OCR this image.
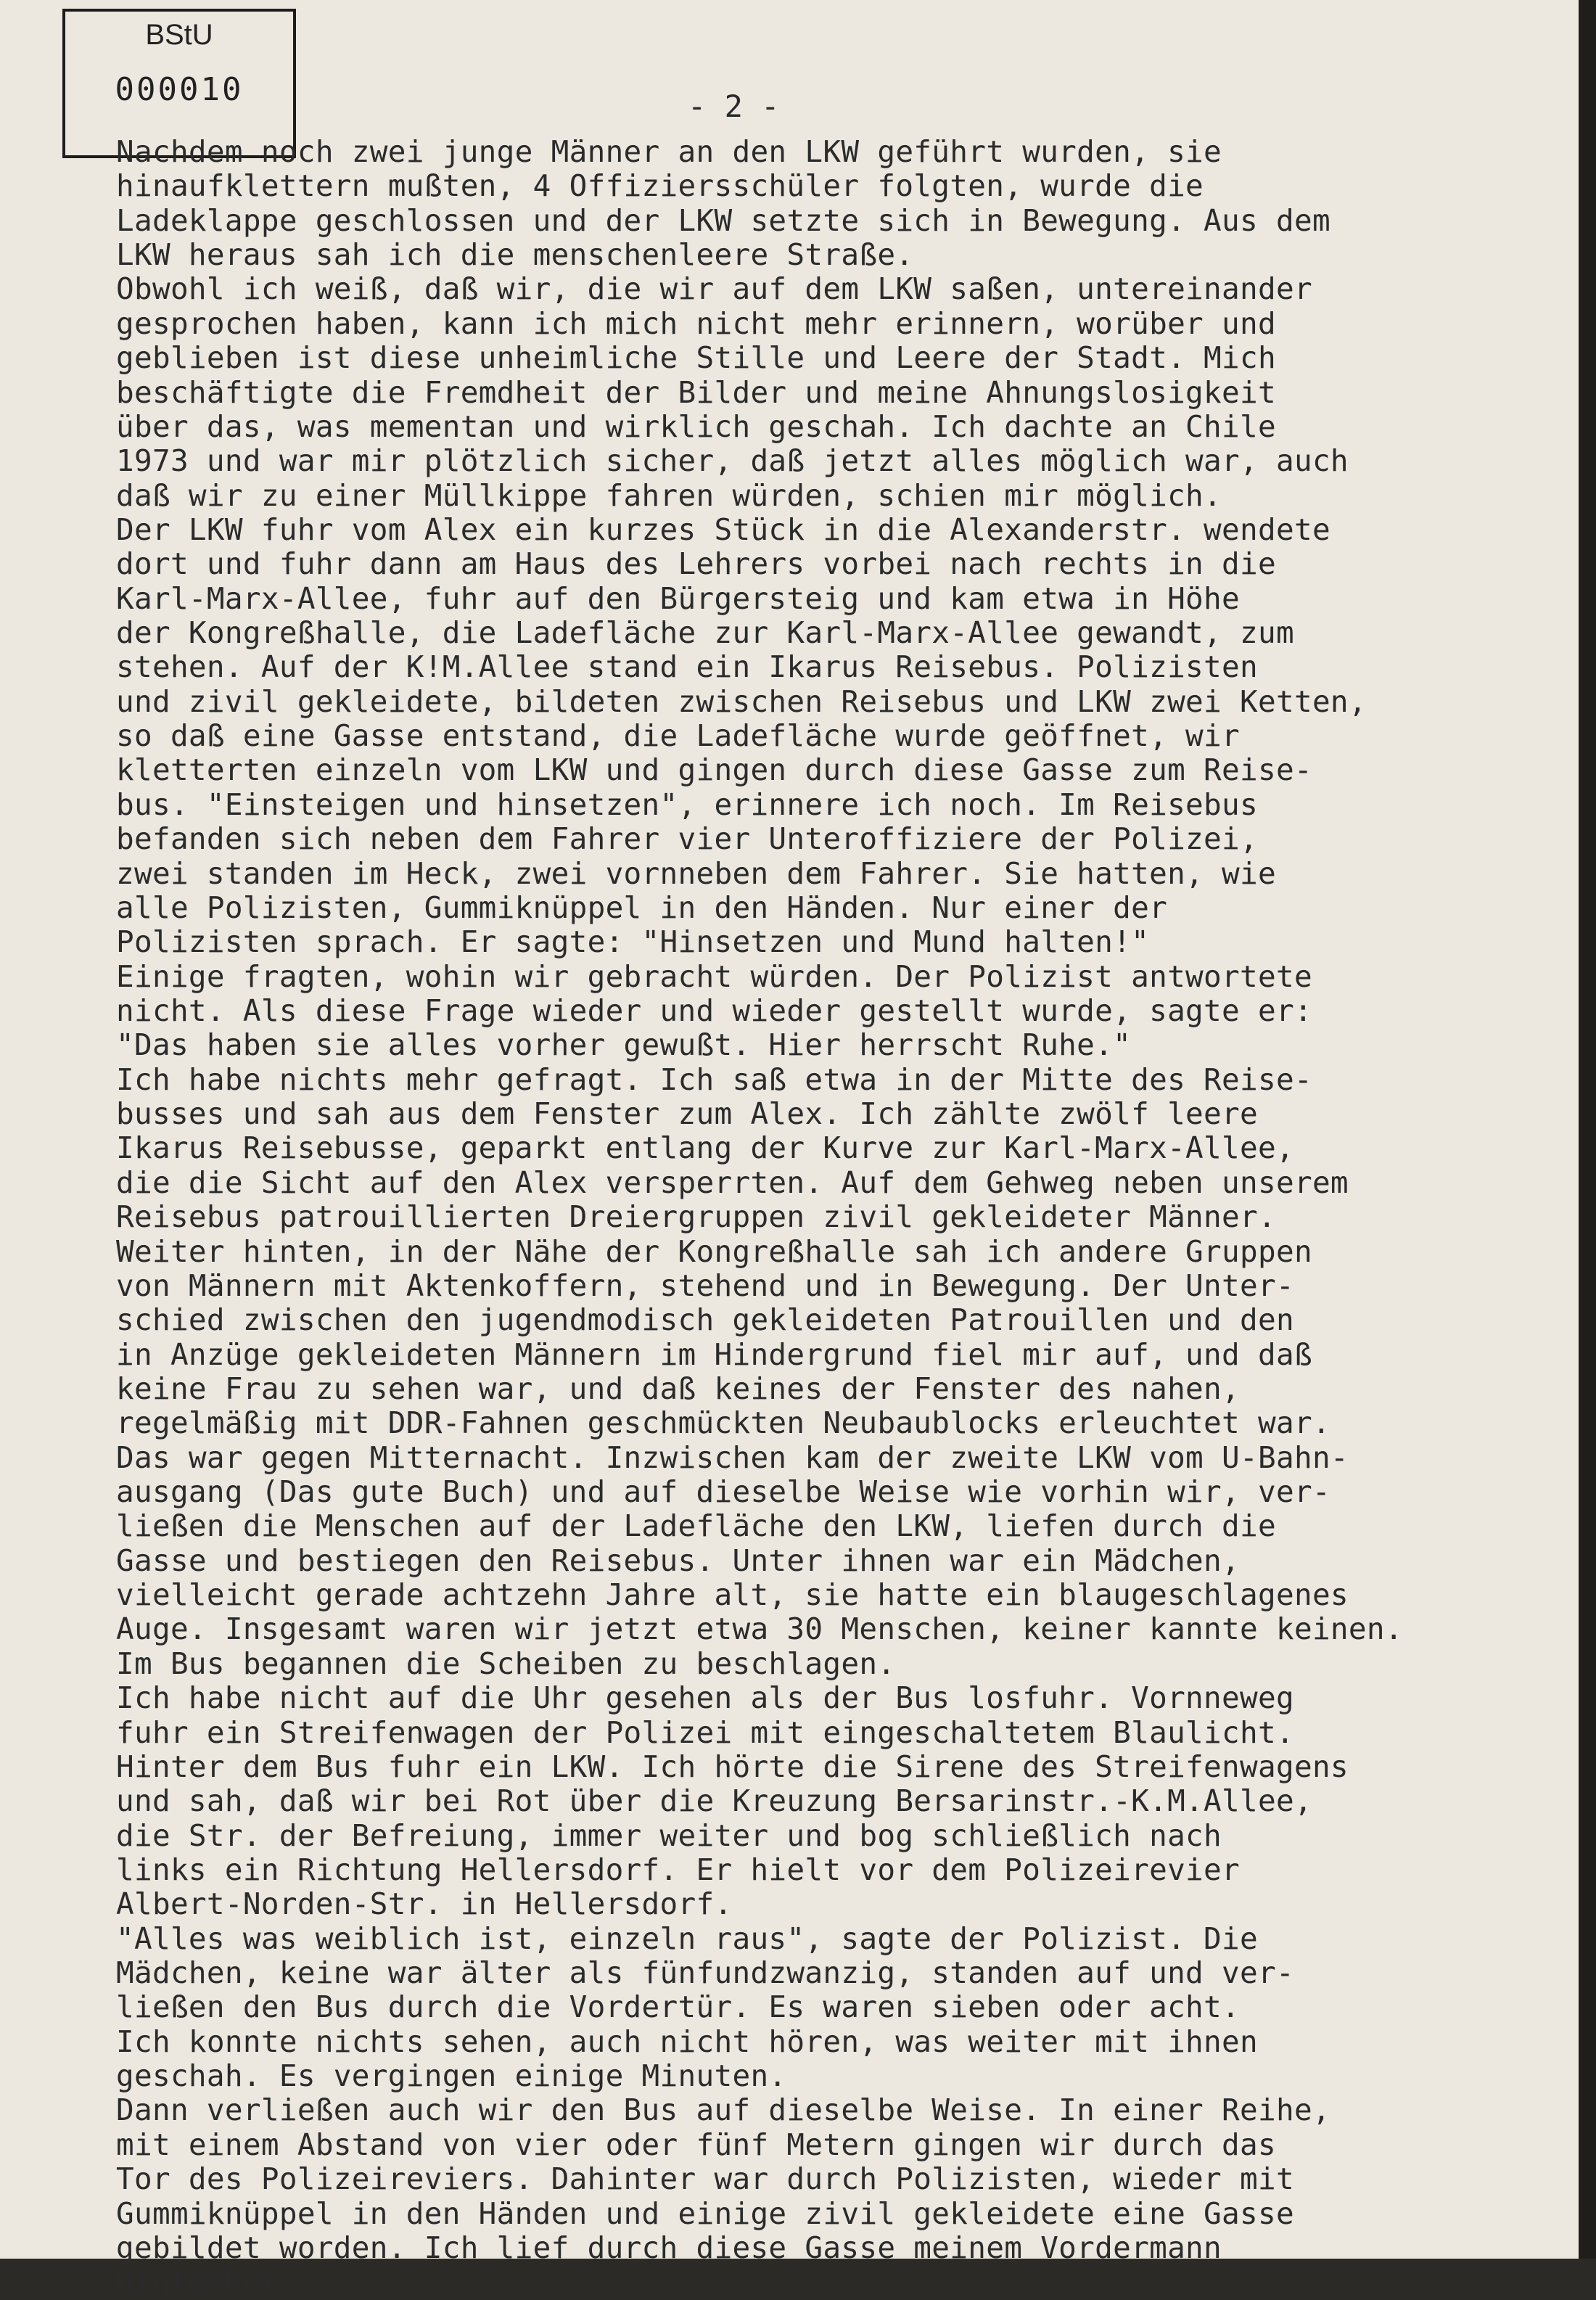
BStU
000010	- 2 -
Nachdem noch zwei junge Männer an den LKW geführt wurden, sie
hinaufklettern mußten, 4 Offiziersschüler folgten, wurde die
Ladeklappe geschlossen und der LKW setzte sich in Bewegung. Aus dem
LKW heraus sah ich die menschenleere Straße.
Obwohl ich weiß, daß wir, die wir auf dem LKW saßen, untereinander
gesprochen haben, kann ich mich nicht mehr erinnern, worüber und
geblieben ist diese unheimliche Stille und Leere der Stadt. Mich
beschäftigte die Fremdheit der Bilder und meine Ahnungslosigkeit
über das, was mementan und wirklich geschah. Ich dachte an Chile
1973 und war mir plötzlich sicher, daß jetzt alles möglich war, auch
daß wir zu einer Müllkippe fahren würden, schien mir möglich.
Der LKW fuhr vom Alex ein kurzes Stück in die Alexanderstr. wendete
dort und fuhr dann am Haus des Lehrers vorbei nach rechts in die
Karl-Marx-Allee, fuhr auf den Bürgersteig und kam etwa in Höhe
der Kongreßhalle, die Ladefläche zur Karl-Marx-Allee gewandt, zum
stehen. Auf der K!M.Allee stand ein Ikarus Reisebus. Polizisten
und zivil gekleidete, bildeten zwischen Reisebus und LKW zwei Ketten,
so daß eine Gasse entstand, die Ladefläche wurde geöffnet, wir
kletterten einzeln vom LKW und gingen durch diese Gasse zum Reise-
bus. "Einsteigen und hinsetzen", erinnere ich noch. Im Reisebus
befanden sich neben dem Fahrer vier Unteroffiziere der Polizei,
zwei standen im Heck, zwei vornneben dem Fahrer. Sie hatten, wie
alle Polizisten, Gummiknüppel in den Händen. Nur einer der
Polizisten sprach. Er sagte: "Hinsetzen und Mund halten!"
Einige fragten, wohin wir gebracht würden. Der Polizist antwortete
nicht. Als diese Frage wieder und wieder gestellt wurde, sagte er:
"Das haben sie alles vorher gewußt. Hier herrscht Ruhe."
Ich habe nichts mehr gefragt. Ich saß etwa in der Mitte des Reise-
busses und sah aus dem Fenster zum Alex. Ich zählte zwölf leere
Ikarus Reisebusse, geparkt entlang der Kurve zur Karl-Marx-Allee,
die die Sicht auf den Alex versperrten. Auf dem Gehweg neben unserem
Reisebus patrouillierten Dreiergruppen zivil gekleideter Männer.
Weiter hinten, in der Nähe der Kongreßhalle sah ich andere Gruppen
von Männern mit Aktenkoffern, stehend und in Bewegung. Der Unter-
schied zwischen den jugendmodisch gekleideten Patrouillen und den
in Anzüge gekleideten Männern im Hindergrund fiel mir auf, und daß
keine Frau zu sehen war, und daß keines der Fenster des nahen,
regelmäßig mit DDR-Fahnen geschmückten Neubaublocks erleuchtet war.
Das war gegen Mitternacht. Inzwischen kam der zweite LKW vom U-Bahn-
ausgang (Das gute Buch) und auf dieselbe Weise wie vorhin wir, ver-
ließen die Menschen auf der Ladefläche den LKW, liefen durch die
Gasse und bestiegen den Reisebus. Unter ihnen war ein Mädchen,
vielleicht gerade achtzehn Jahre alt, sie hatte ein blaugeschlagenes
Auge. Insgesamt waren wir jetzt etwa 30 Menschen, keiner kannte keinen.
Im Bus begannen die Scheiben zu beschlagen.
Ich habe nicht auf die Uhr gesehen als der Bus losfuhr. Vornneweg
fuhr ein Streifenwagen der Polizei mit eingeschaltetem Blaulicht.
Hinter dem Bus fuhr ein LKW. Ich hörte die Sirene des Streifenwagens
und sah, daß wir bei Rot über die Kreuzung Bersarinstr.-K.M.Allee,
die Str. der Befreiung, immer weiter und bog schließlich nach
links ein Richtung Hellersdorf. Er hielt vor dem Polizeirevier
Albert-Norden-Str. in Hellersdorf.
"Alles was weiblich ist, einzeln raus", sagte der Polizist. Die
Mädchen, keine war älter als fünfundzwanzig, standen auf und ver-
ließen den Bus durch die Vordertür. Es waren sieben oder acht.
Ich konnte nichts sehen, auch nicht hören, was weiter mit ihnen
geschah. Es vergingen einige Minuten.
Dann verließen auch wir den Bus auf dieselbe Weise. In einer Reihe,
mit einem Abstand von vier oder fünf Metern gingen wir durch das
Tor des Polizeireviers. Dahinter war durch Polizisten, wieder mit
Gummiknüppel in den Händen und einige zivil gekleidete eine Gasse
gebildet worden. Ich lief durch diese Gasse meinem Vordermann
hinterher.
